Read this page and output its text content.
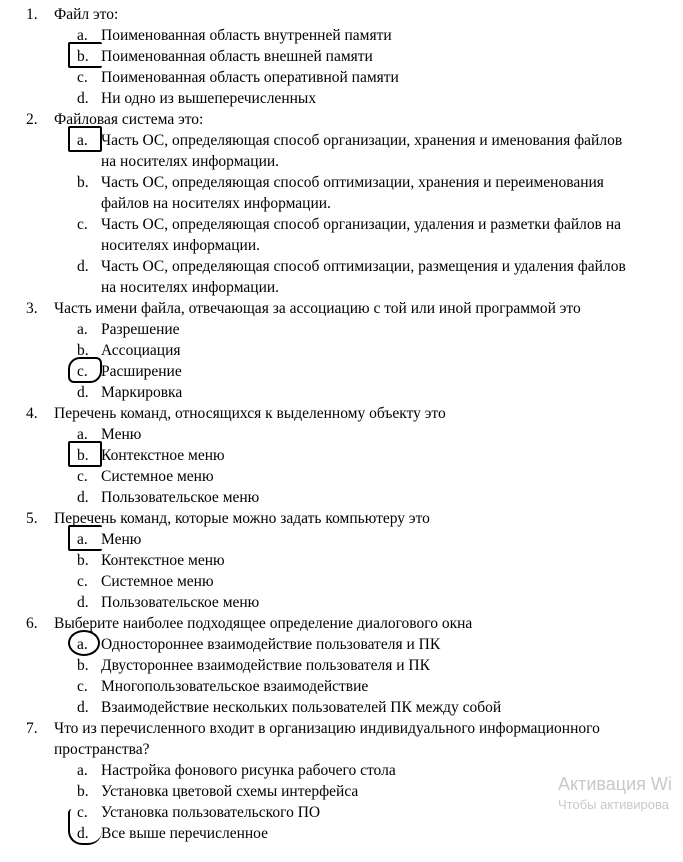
1. Файл это:
a. Поименованная область внутренней памяти
b. Поименованная область внешней памяти
c. Поименованная область оперативной памяти
d. Ни одно из вышеперечисленных
2. Файловая система это:
a. Часть ОС, определяющая способ организации, хранения и именования файлов на носителях информации.
b. Часть ОС, определяющая способ оптимизации, хранения и переименования файлов на носителях информации.
c. Часть ОС, определяющая способ организации, удаления и разметки файлов на носителях информации.
d. Часть ОС, определяющая способ оптимизации, размещения и удаления файлов на носителях информации.
3. Часть имени файла, отвечающая за ассоциацию с той или иной программой это
a. Разрешение
b. Ассоциация
c. Расширение
d. Маркировка
4. Перечень команд, относящихся к выделенному объекту это
a. Меню
b. Контекстное меню
c. Системное меню
d. Пользовательское меню
5. Перечень команд, которые можно задать компьютеру это
a. Меню
b. Контекстное меню
c. Системное меню
d. Пользовательское меню
6. Выберите наиболее подходящее определение диалогового окна
a. Одностороннее взаимодействие пользователя и ПК
b. Двустороннее взаимодействие пользователя и ПК
c. Многопользовательское взаимодействие
d. Взаимодействие нескольких пользователей ПК между собой
7. Что из перечисленного входит в организацию индивидуального информационного пространства?
a. Настройка фонового рисунка рабочего стола
b. Установка цветовой схемы интерфейса
c. Установка пользовательского ПО
d. Все выше перечисленное
Активация Wi
Чтобы активирова
